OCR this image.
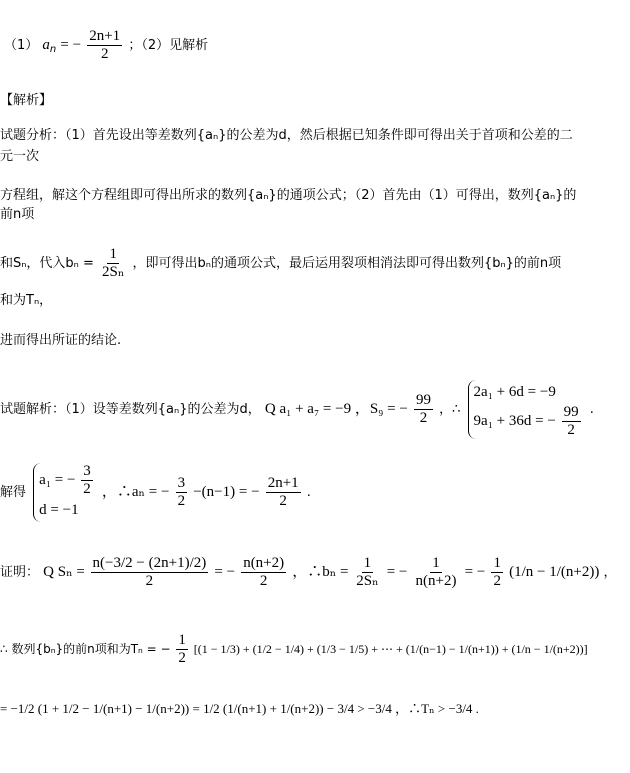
（1） $a_n$ = − $\frac{2n+1}{2}$ ；（2）见解析
【解析】
试题分析：（1）首先设出等差数列{aₙ}的公差为d，然后根据已知条件即可得出关于首项和公差的二
元一次
方程组，解这个方程组即可得出所求的数列{aₙ}的通项公式；（2）首先由（1）可得出，数列{aₙ}的
前n项
和Sₙ，代入$b_n = \frac{1}{\text{2Sₙ}}$ ，即可得出bₙ的通项公式，最后运用裂项相消法即可得出数列{bₙ}的前n项
和为Tₙ，
进而得出所证的结论.
试题解析：（1）设等差数列{aₙ}的公差为d， Q a₁ + a₇ = −9 ，S₉ = − $\frac{99}{2}$ ，∴
2a₁ + 6d = −9
9a₁ + 36d = − $\frac{99}{2}$ .
解得
a₁ = − $\frac{3}{2}$
d = −1
，∴aₙ = − $\frac{3}{2} -(n-1)$ = − $\frac{2n+1}{2}$ .
证明： Q $S_n = \frac{n(-3/2 - (2n+1)/2)}{2}$ = − $\frac{n(n+2)}{2}$ ，∴bₙ = $\frac{1}{\text{2Sₙ}}$ = − $\frac{1}{n(n+2)}$ = − $\frac{1}{2} (1/n - 1/(n+2))$ ，
∴ 数列{bₙ}的前n项和为Tₙ = − $\frac{1}{2} [(1 - 1/3) + (1/2 - 1/4) + (1/3 - 1/5)$ + ⋯ + (1/(n−1) − 1/(n+1)) + (1/n − 1/(n+2))]
= −1/2 (1 + 1/2 − 1/(n+1) − 1/(n+2)) = 1/2 (1/(n+1) + 1/(n+2)) − 3/4 > −3/4 ，∴Tₙ > −3/4 .
